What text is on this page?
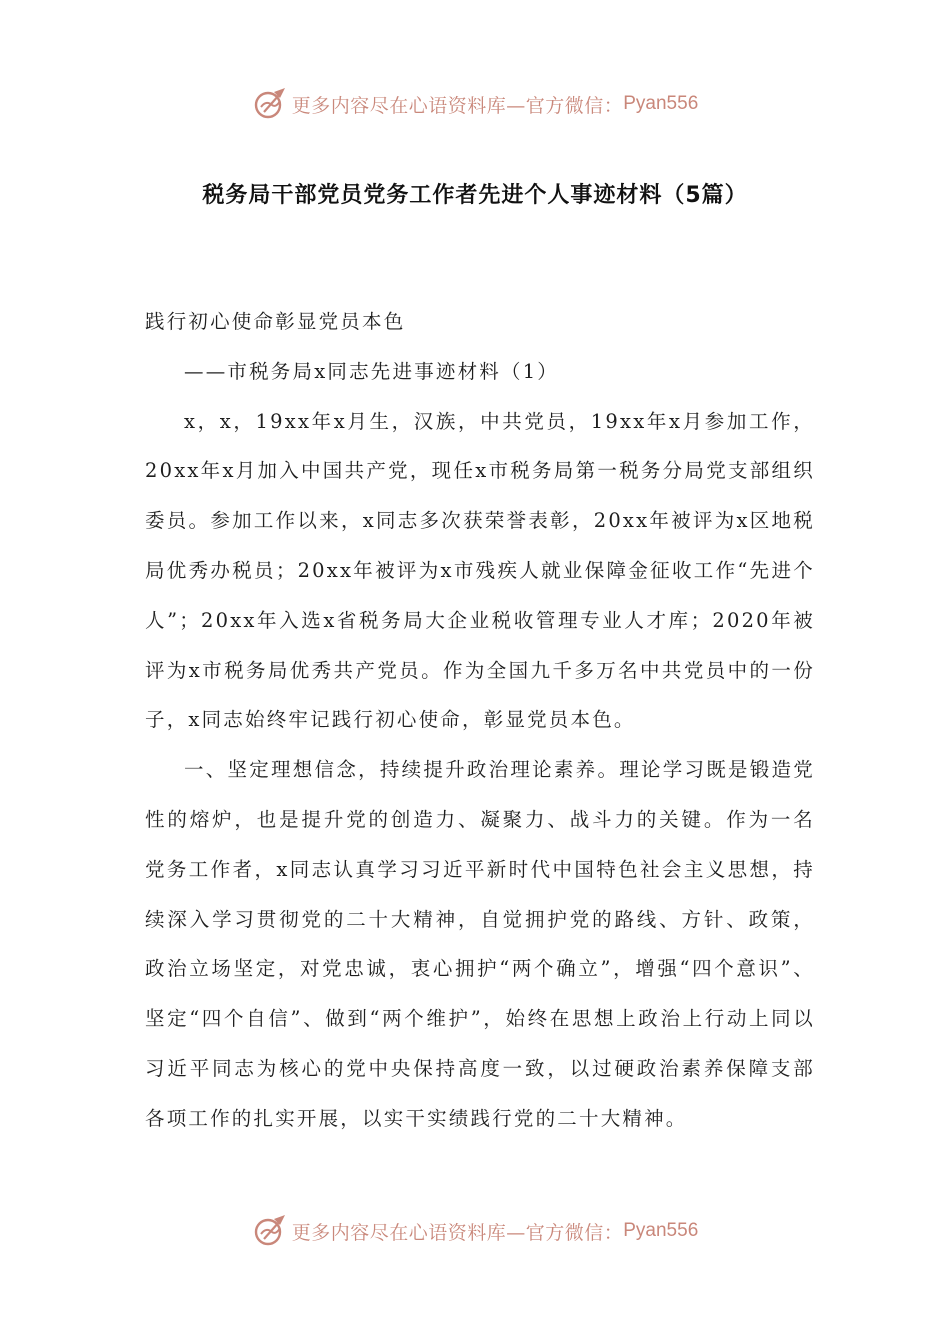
更多内容尽在心语资料库—官方微信： Pyan556
税务局干部党员党务工作者先进个人事迹材料（5篇）

践行初心使命彰显党员本色

——市税务局x同志先进事迹材料（1）

x，x，19xx年x月生，汉族，中共党员，19xx年x月参加工作，20xx年x月加入中国共产党，现任x市税务局第一税务分局党支部组织委员。参加工作以来，x同志多次获荣誉表彰，20xx年被评为x区地税局优秀办税员；20xx年被评为x市残疾人就业保障金征收工作“先进个人”；20xx年入选x省税务局大企业税收管理专业人才库；2020年被评为x市税务局优秀共产党员。作为全国九千多万名中共党员中的一份子，x同志始终牢记践行初心使命，彰显党员本色。

一、坚定理想信念，持续提升政治理论素养。理论学习既是锻造党性的熔炉，也是提升党的创造力、凝聚力、战斗力的关键。作为一名党务工作者，x同志认真学习习近平新时代中国特色社会主义思想，持续深入学习贯彻党的二十大精神，自觉拥护党的路线、方针、政策，政治立场坚定，对党忠诚，衷心拥护“两个确立”，增强“四个意识”、坚定“四个自信”、做到“两个维护”，始终在思想上政治上行动上同以习近平同志为核心的党中央保持高度一致，以过硬政治素养保障支部各项工作的扎实开展，以实干实绩践行党的二十大精神。

更多内容尽在心语资料库—官方微信： Pyan556
